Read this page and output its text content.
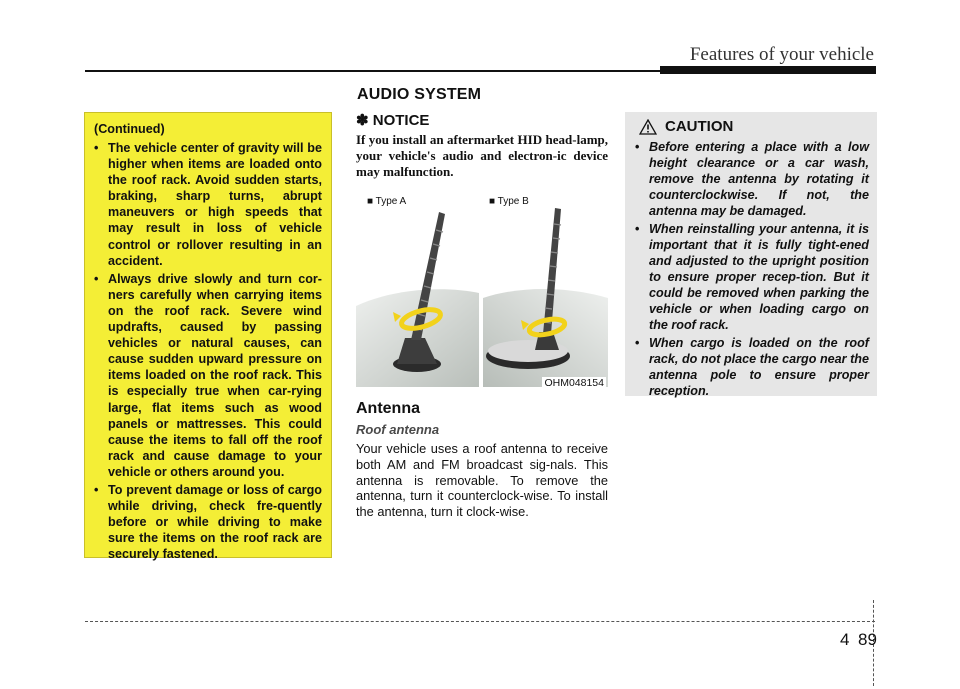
Features of your vehicle
AUDIO SYSTEM

(Continued)

• The vehicle center of gravity will be higher when items are loaded onto the roof rack. Avoid sudden starts, braking, sharp turns, abrupt maneuvers or high speeds that may result in loss of vehicle control or rollover resulting in an accident.
• Always drive slowly and turn cor-ners carefully when carrying items on the roof rack. Severe wind updrafts, caused by passing vehicles or natural causes, can cause sudden upward pressure on items loaded on the roof rack. This is especially true when car-rying large, flat items such as wood panels or mattresses. This could cause the items to fall off the roof rack and cause damage to your vehicle or others around you.
• To prevent damage or loss of cargo while driving, check fre-quently before or while driving to make sure the items on the roof rack are securely fastened.
✽ NOTICE
If you install an aftermarket HID head-lamp, your vehicle's audio and electron-ic device may malfunction.
■ Type A	■ Type B
OHM048154
Antenna
Roof antenna
Your vehicle uses a roof antenna to receive both AM and FM broadcast sig-nals. This antenna is removable. To remove the antenna, turn it counterclock-wise. To install the antenna, turn it clock-wise.
CAUTION
• Before entering a place with a low height clearance or a car wash, remove the antenna by rotating it counterclockwise. If not, the antenna may be damaged.
• When reinstalling your antenna, it is important that it is fully tight-ened and adjusted to the upright position to ensure proper recep-tion. But it could be removed when parking the vehicle or when loading cargo on the roof rack.
• When cargo is loaded on the roof rack, do not place the cargo near the antenna pole to ensure proper reception.
4 89
